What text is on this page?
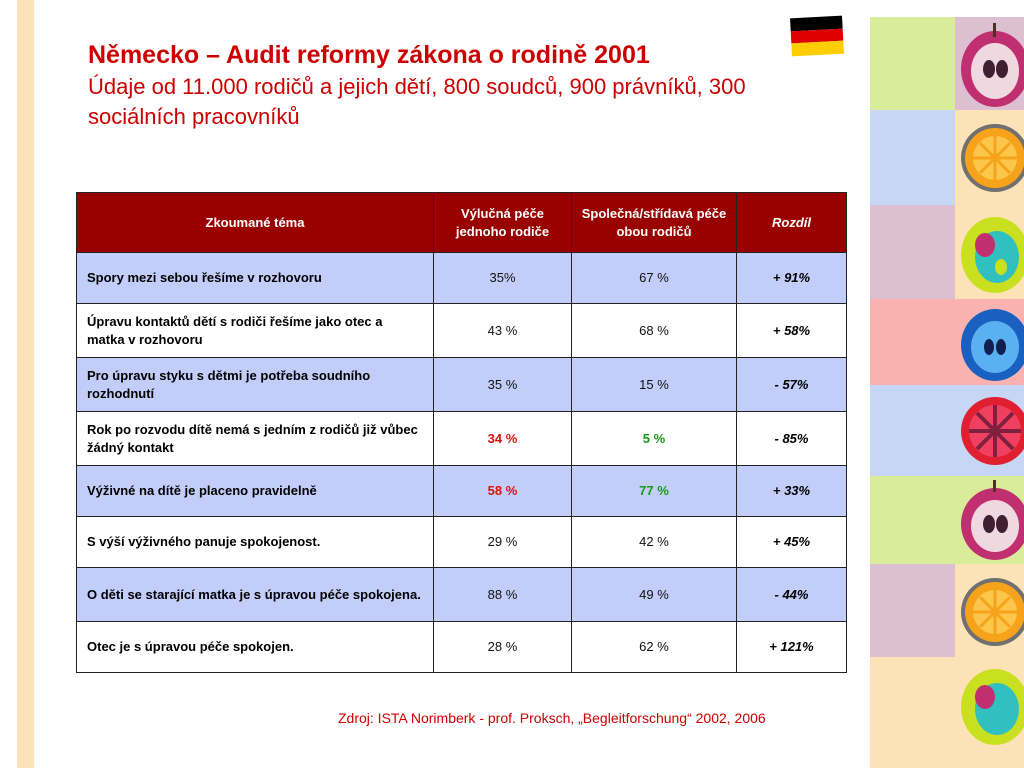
Německo – Audit reformy zákona o rodině 2001

Údaje od 11.000 rodičů a jejich dětí, 800 soudců, 900 právníků, 300 sociálních pracovníků

Zkoumané téma	Výlučná péče jednoho rodiče	Společná/střídavá péče obou rodičů	Rozdíl
Spory mezi sebou řešíme v rozhovoru	35%	67 %	+ 91%
Úpravu kontaktů dětí s rodiči řešíme jako otec a matka v rozhovoru	43 %	68 %	+ 58%
Pro úpravu styku s dětmi je potřeba soudního rozhodnutí	35 %	15 %	- 57%
Rok po rozvodu dítě nemá s jedním z rodičů již vůbec žádný kontakt	34 %	5 %	- 85%
Výživné na dítě je placeno pravidelně	58 %	77 %	+ 33%
S výší výživného panuje spokojenost.	29 %	42 %	+ 45%
O děti se starající matka je s úpravou péče spokojena.	88 %	49 %	- 44%
Otec je s úpravou péče spokojen.	28 %	62 %	+ 121%
Zdroj: ISTA Norimberk - prof. Proksch, „Begleitforschung“ 2002, 2006
